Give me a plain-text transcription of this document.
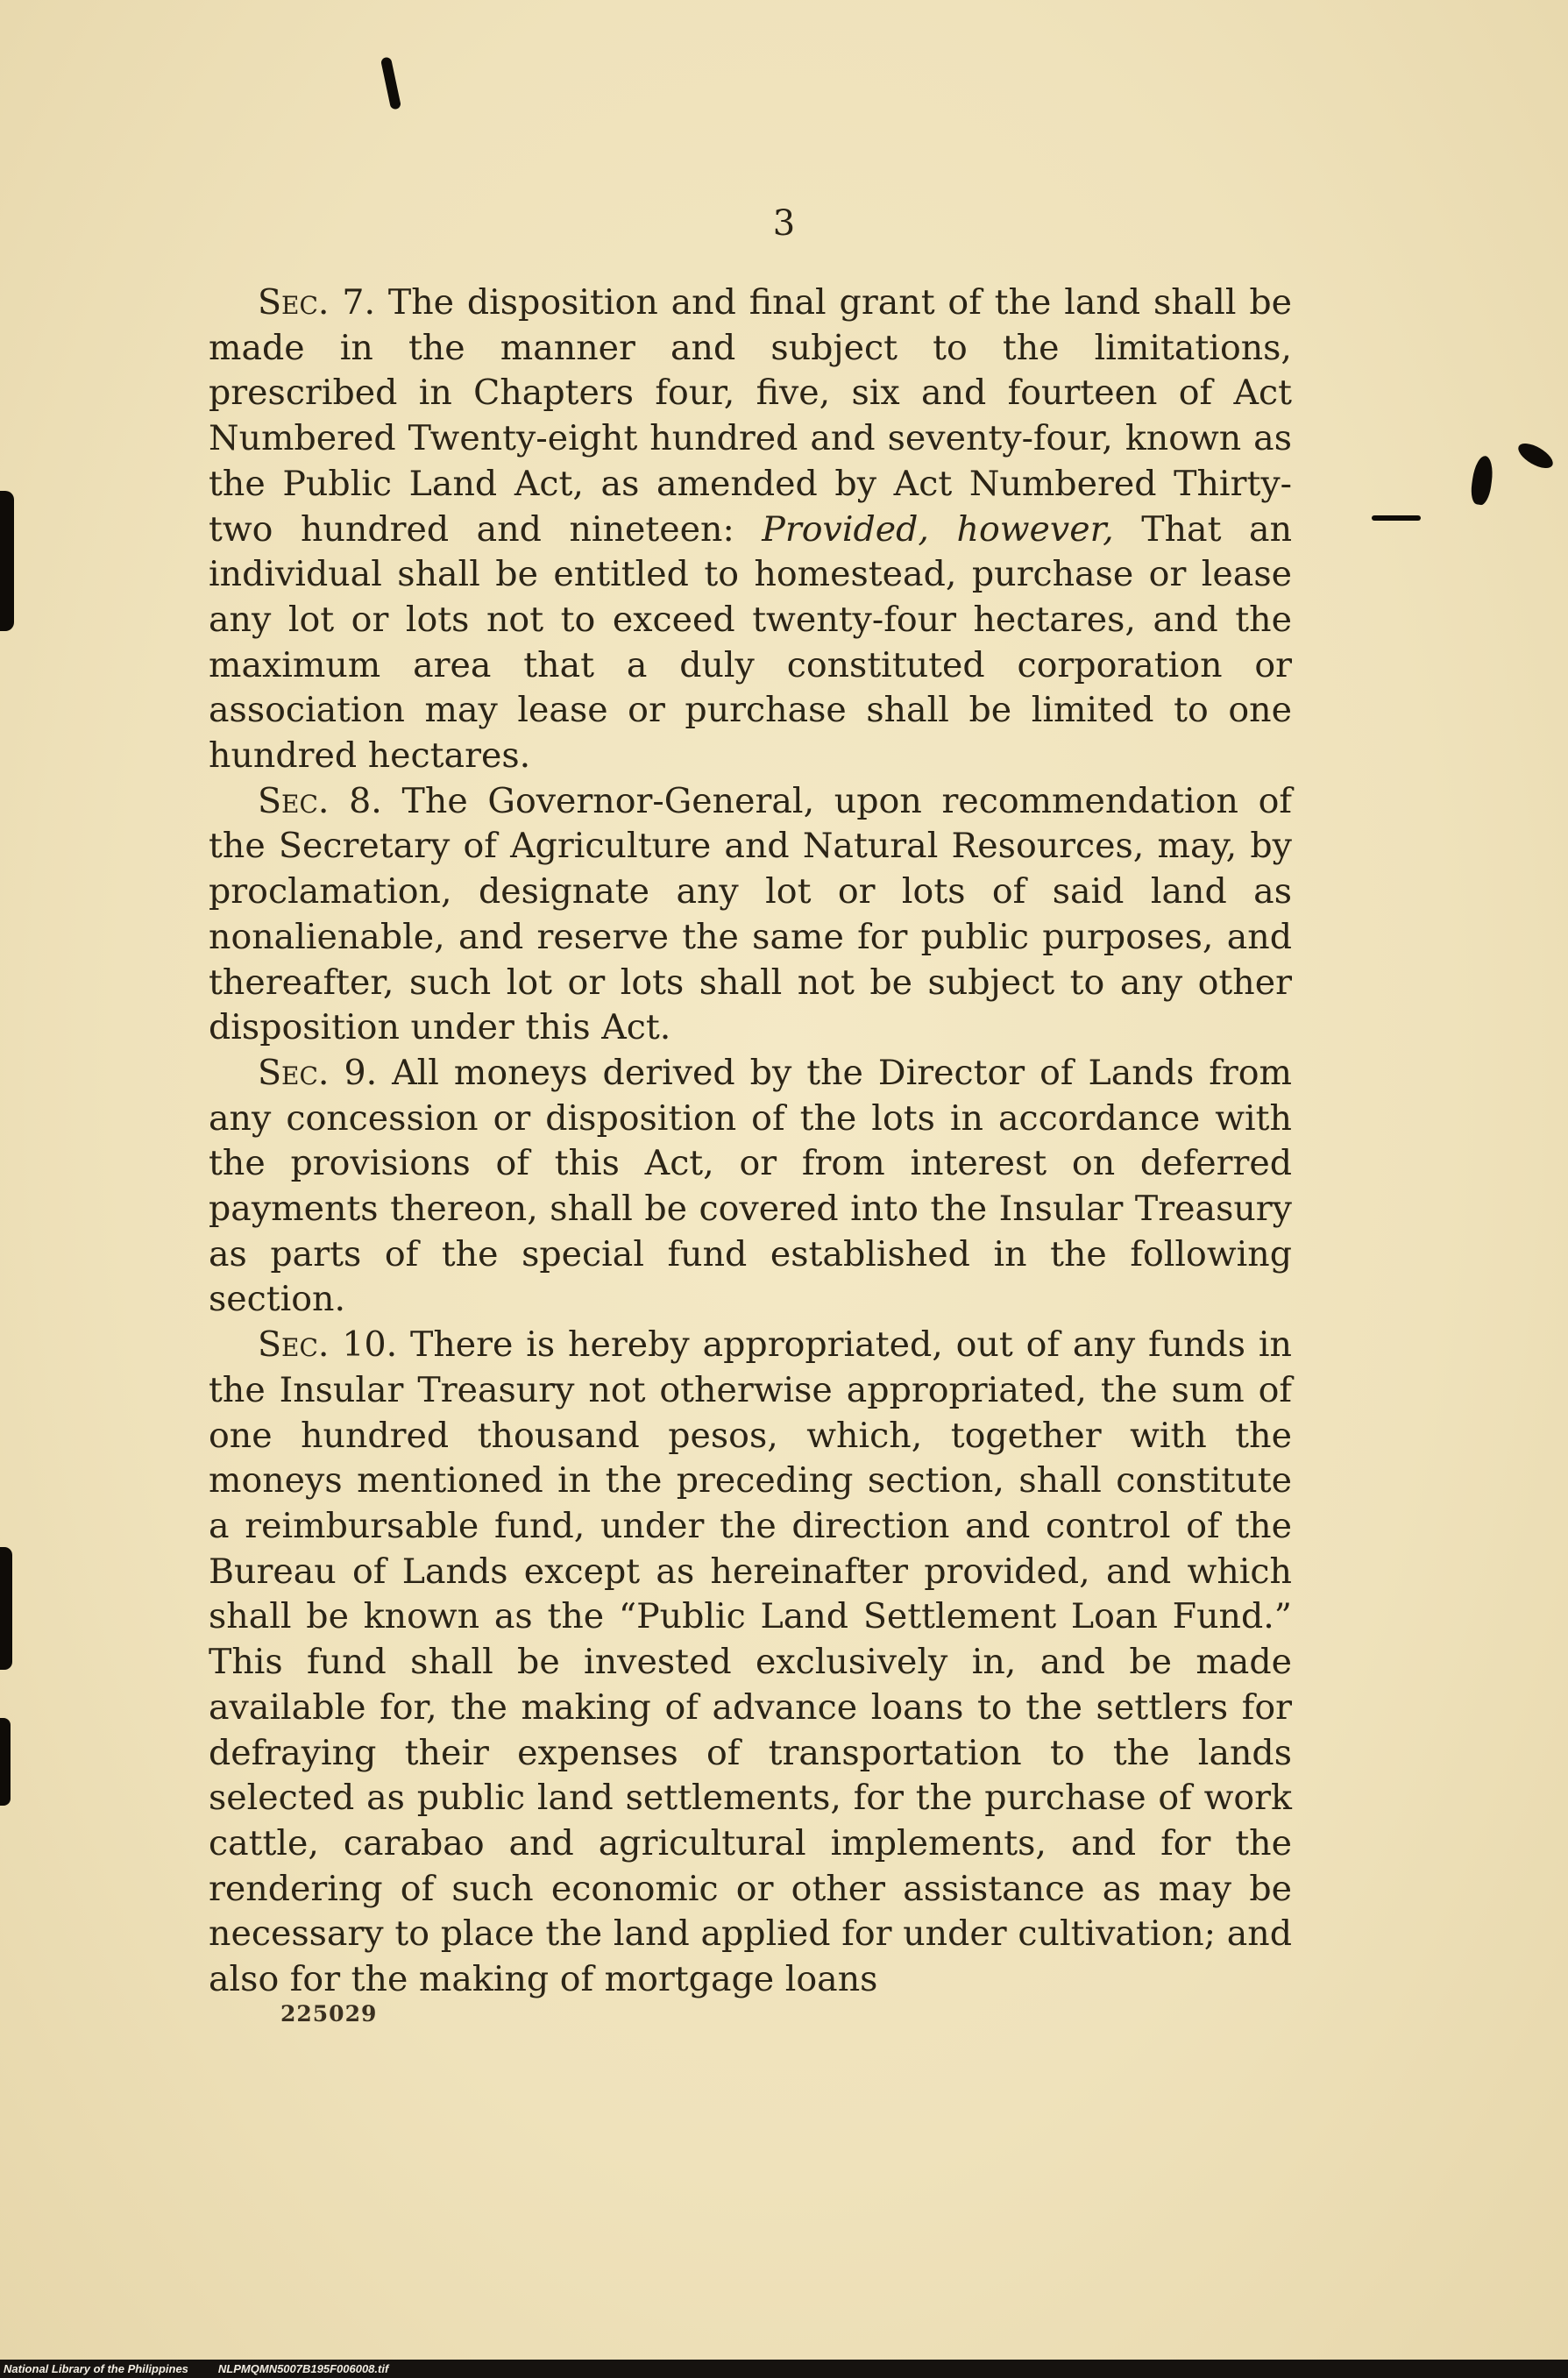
3

Sec. 7. The disposition and final grant of the land shall be made in the manner and subject to the limitations, prescribed in Chapters four, five, six and fourteen of Act Numbered Twenty-eight hundred and seventy-four, known as the Public Land Act, as amended by Act Numbered Thirty-two hundred and nineteen: Provided, however, That an individual shall be entitled to homestead, purchase or lease any lot or lots not to exceed twenty-four hectares, and the maximum area that a duly constituted corporation or association may lease or purchase shall be limited to one hundred hectares.

Sec. 8. The Governor-General, upon recommendation of the Secretary of Agriculture and Natural Resources, may, by proclamation, designate any lot or lots of said land as nonalienable, and reserve the same for public purposes, and thereafter, such lot or lots shall not be subject to any other disposition under this Act.

Sec. 9. All moneys derived by the Director of Lands from any concession or disposition of the lots in accordance with the provisions of this Act, or from interest on deferred payments thereon, shall be covered into the Insular Treasury as parts of the special fund established in the following section.

Sec. 10. There is hereby appropriated, out of any funds in the Insular Treasury not otherwise appropriated, the sum of one hundred thousand pesos, which, together with the moneys mentioned in the preceding section, shall constitute a reimbursable fund, under the direction and control of the Bureau of Lands except as hereinafter provided, and which shall be known as the “Public Land Settlement Loan Fund.” This fund shall be invested exclusively in, and be made available for, the making of advance loans to the settlers for defraying their expenses of transportation to the lands selected as public land settlements, for the purchase of work cattle, carabao and agricultural implements, and for the rendering of such economic or other assistance as may be necessary to place the land applied for under cultivation; and also for the making of mortgage loans

225029
National Library of the Philippines	NLPMQMN5007B195F006008.tif
